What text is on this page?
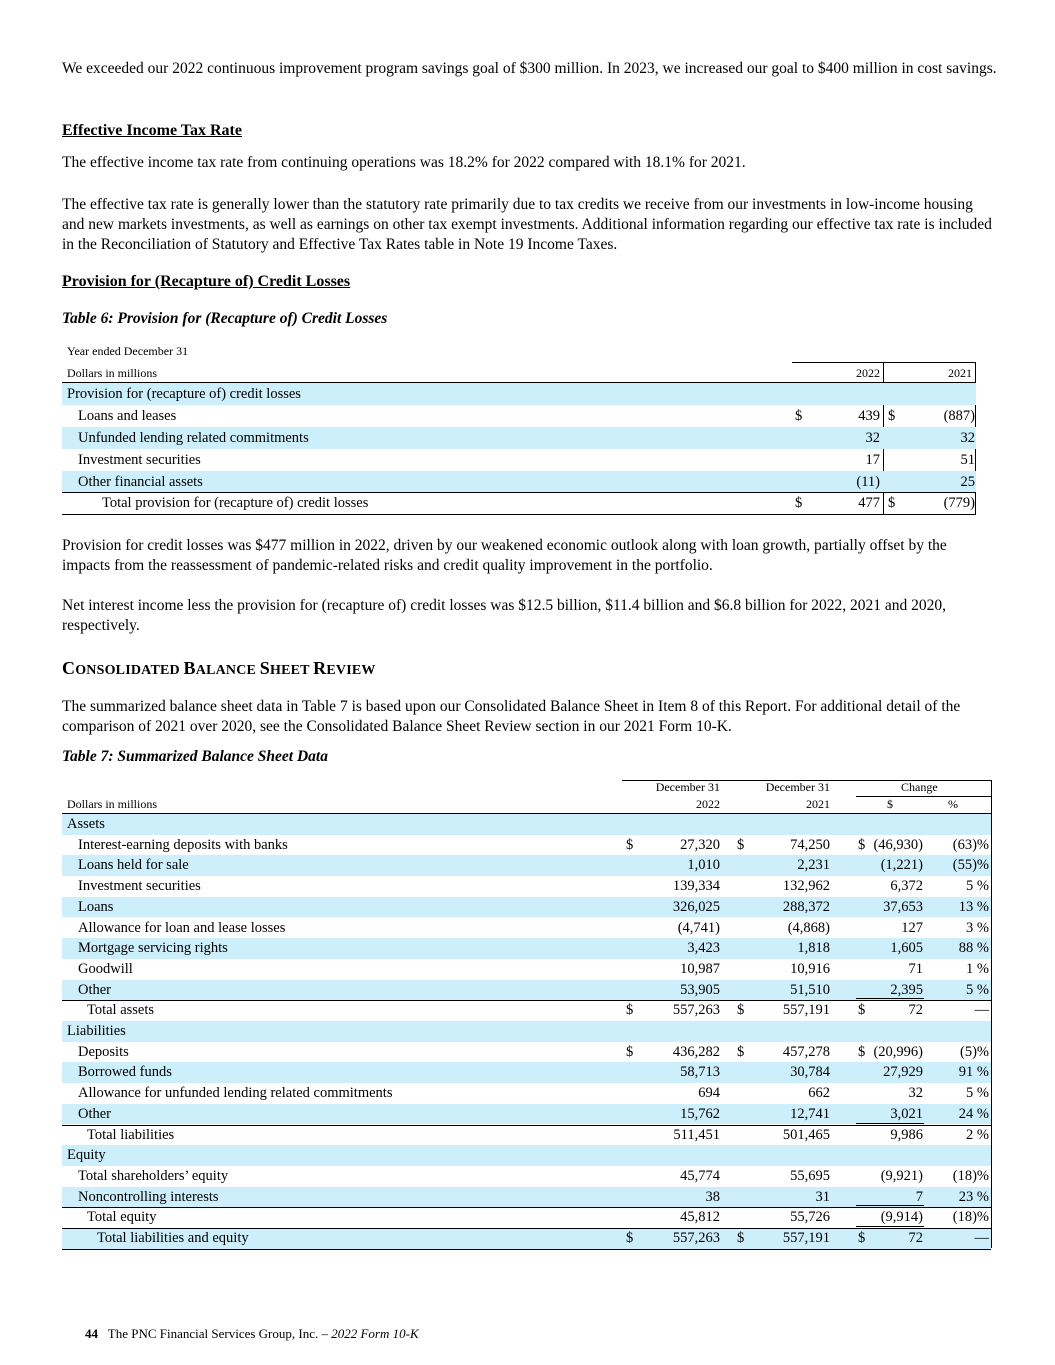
We exceeded our 2022 continuous improvement program savings goal of $300 million. In 2023, we increased our goal to $400 million in cost savings.
Effective Income Tax Rate
The effective income tax rate from continuing operations was 18.2% for 2022 compared with 18.1% for 2021.
The effective tax rate is generally lower than the statutory rate primarily due to tax credits we receive from our investments in low-income housing and new markets investments, as well as earnings on other tax exempt investments. Additional information regarding our effective tax rate is included in the Reconciliation of Statutory and Effective Tax Rates table in Note 19 Income Taxes.
Provision for (Recapture of) Credit Losses
Table 6: Provision for (Recapture of) Credit Losses
Year ended December 31
Dollars in millions	2022	2021
Provision for (recapture of) credit losses
Loans and leases	$	439 $	(887)
Unfunded lending related commitments	32	32
Investment securities	17	51
Other financial assets	(11)	25
Total provision for (recapture of) credit losses	$	477 $	(779)
Provision for credit losses was $477 million in 2022, driven by our weakened economic outlook along with loan growth, partially offset by the impacts from the reassessment of pandemic-related risks and credit quality improvement in the portfolio.
Net interest income less the provision for (recapture of) credit losses was $12.5 billion, $11.4 billion and $6.8 billion for 2022, 2021 and 2020, respectively.
CONSOLIDATED BALANCE SHEET REVIEW
The summarized balance sheet data in Table 7 is based upon our Consolidated Balance Sheet in Item 8 of this Report. For additional detail of the comparison of 2021 over 2020, see the Consolidated Balance Sheet Review section in our 2021 Form 10-K.
Table 7: Summarized Balance Sheet Data
December 31	December 31	Change
Dollars in millions	2022	2021	$	%
Assets
Interest-earning deposits with banks	$	27,320 $	74,250 $ (46,930) (63)%
Loans held for sale	1,010	2,231	(1,221) (55)%
Investment securities	139,334	132,962	6,372	5 %
Loans	326,025	288,372	37,653 13 %
Allowance for loan and lease losses	(4,741)	(4,868)	127	3 %
Mortgage servicing rights	3,423	1,818	1,605 88 %
Goodwill	10,987	10,916	71	1 %
Other	53,905	51,510	2,395	5 %
Total assets	$	557,263 $	557,191 $	72	—
Liabilities
Deposits	$	436,282 $	457,278 $ (20,996)	(5)%
Borrowed funds	58,713	30,784	27,929 91 %
Allowance for unfunded lending related commitments	694	662	32	5 %
Other	15,762	12,741	3,021 24 %
Total liabilities	511,451	501,465	9,986	2 %
Equity
Total shareholders’ equity	45,774	55,695	(9,921) (18)%
Noncontrolling interests	38	31	7 23 %
Total equity	45,812	55,726	(9,914) (18)%
Total liabilities and equity	$	557,263 $	557,191 $	72	—
44 The PNC Financial Services Group, Inc. – 2022 Form 10-K
